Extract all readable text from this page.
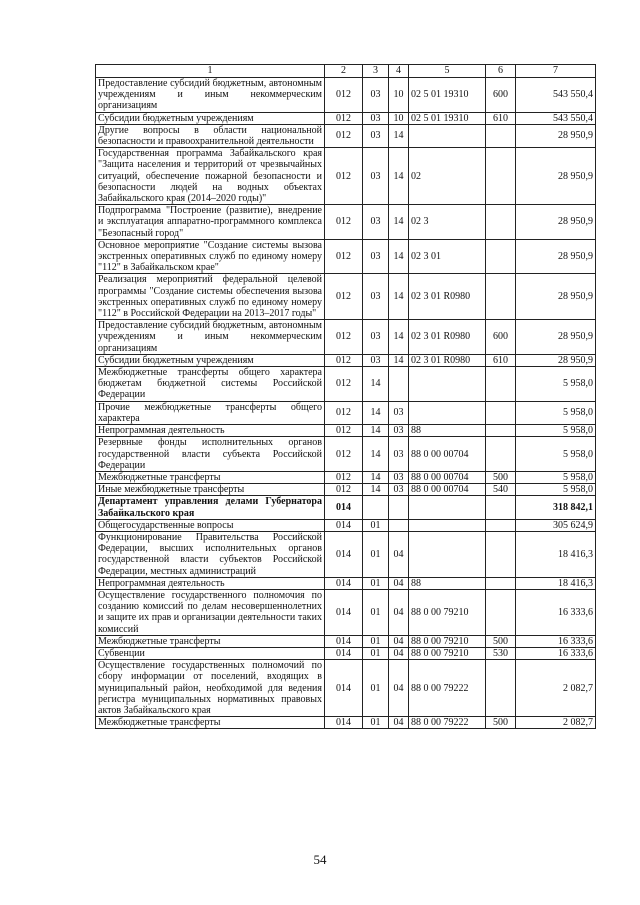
1	2	3	4	5	6	7
Предоставление субсидий бюджетным, автономным учреждениям и иным некоммерческим организациям	012	03	10	02 5 01 19310	600	543 550,4
Субсидии бюджетным учреждениям	012	03	10	02 5 01 19310	610	543 550,4
Другие вопросы в области национальной безопасности и правоохранительной деятельности	012	03	14			28 950,9
Государственная программа Забайкальского края "Защита населения и территорий от чрезвычайных ситуаций, обеспечение пожарной безопасности и безопасности людей на водных объектах Забайкальского края (2014–2020 годы)"	012	03	14	02		28 950,9
Подпрограмма "Построение (развитие), внедрение и эксплуатация аппаратно-программного комплекса "Безопасный город"	012	03	14	02 3		28 950,9
Основное мероприятие "Создание системы вызова экстренных оперативных служб по единому номеру "112" в Забайкальском крае"	012	03	14	02 3 01		28 950,9
Реализация мероприятий федеральной целевой программы "Создание системы обеспечения вызова экстренных оперативных служб по единому номеру "112" в Российской Федерации на 2013–2017 годы"	012	03	14	02 3 01 R0980		28 950,9
Предоставление субсидий бюджетным, автономным учреждениям и иным некоммерческим организациям	012	03	14	02 3 01 R0980	600	28 950,9
Субсидии бюджетным учреждениям	012	03	14	02 3 01 R0980	610	28 950,9
Межбюджетные трансферты общего характера бюджетам бюджетной системы Российской Федерации	012	14				5 958,0
Прочие межбюджетные трансферты общего характера	012	14	03			5 958,0
Непрограммная деятельность	012	14	03	88		5 958,0
Резервные фонды исполнительных органов государственной власти субъекта Российской Федерации	012	14	03	88 0 00 00704		5 958,0
Межбюджетные трансферты	012	14	03	88 0 00 00704	500	5 958,0
Иные межбюджетные трансферты	012	14	03	88 0 00 00704	540	5 958,0
Департамент управления делами Губернатора Забайкальского края	014					318 842,1
Общегосударственные вопросы	014	01				305 624,9
Функционирование Правительства Российской Федерации, высших исполнительных органов государственной власти субъектов Российской Федерации, местных администраций	014	01	04			18 416,3
Непрограммная деятельность	014	01	04	88		18 416,3
Осуществление государственного полномочия по созданию комиссий по делам несовершеннолетних и защите их прав и организации деятельности таких комиссий	014	01	04	88 0 00 79210		16 333,6
Межбюджетные трансферты	014	01	04	88 0 00 79210	500	16 333,6
Субвенции	014	01	04	88 0 00 79210	530	16 333,6
Осуществление государственных полномочий по сбору информации от поселений, входящих в муниципальный район, необходимой для ведения регистра муниципальных нормативных правовых актов Забайкальского края	014	01	04	88 0 00 79222		2 082,7
Межбюджетные трансферты	014	01	04	88 0 00 79222	500	2 082,7
54
